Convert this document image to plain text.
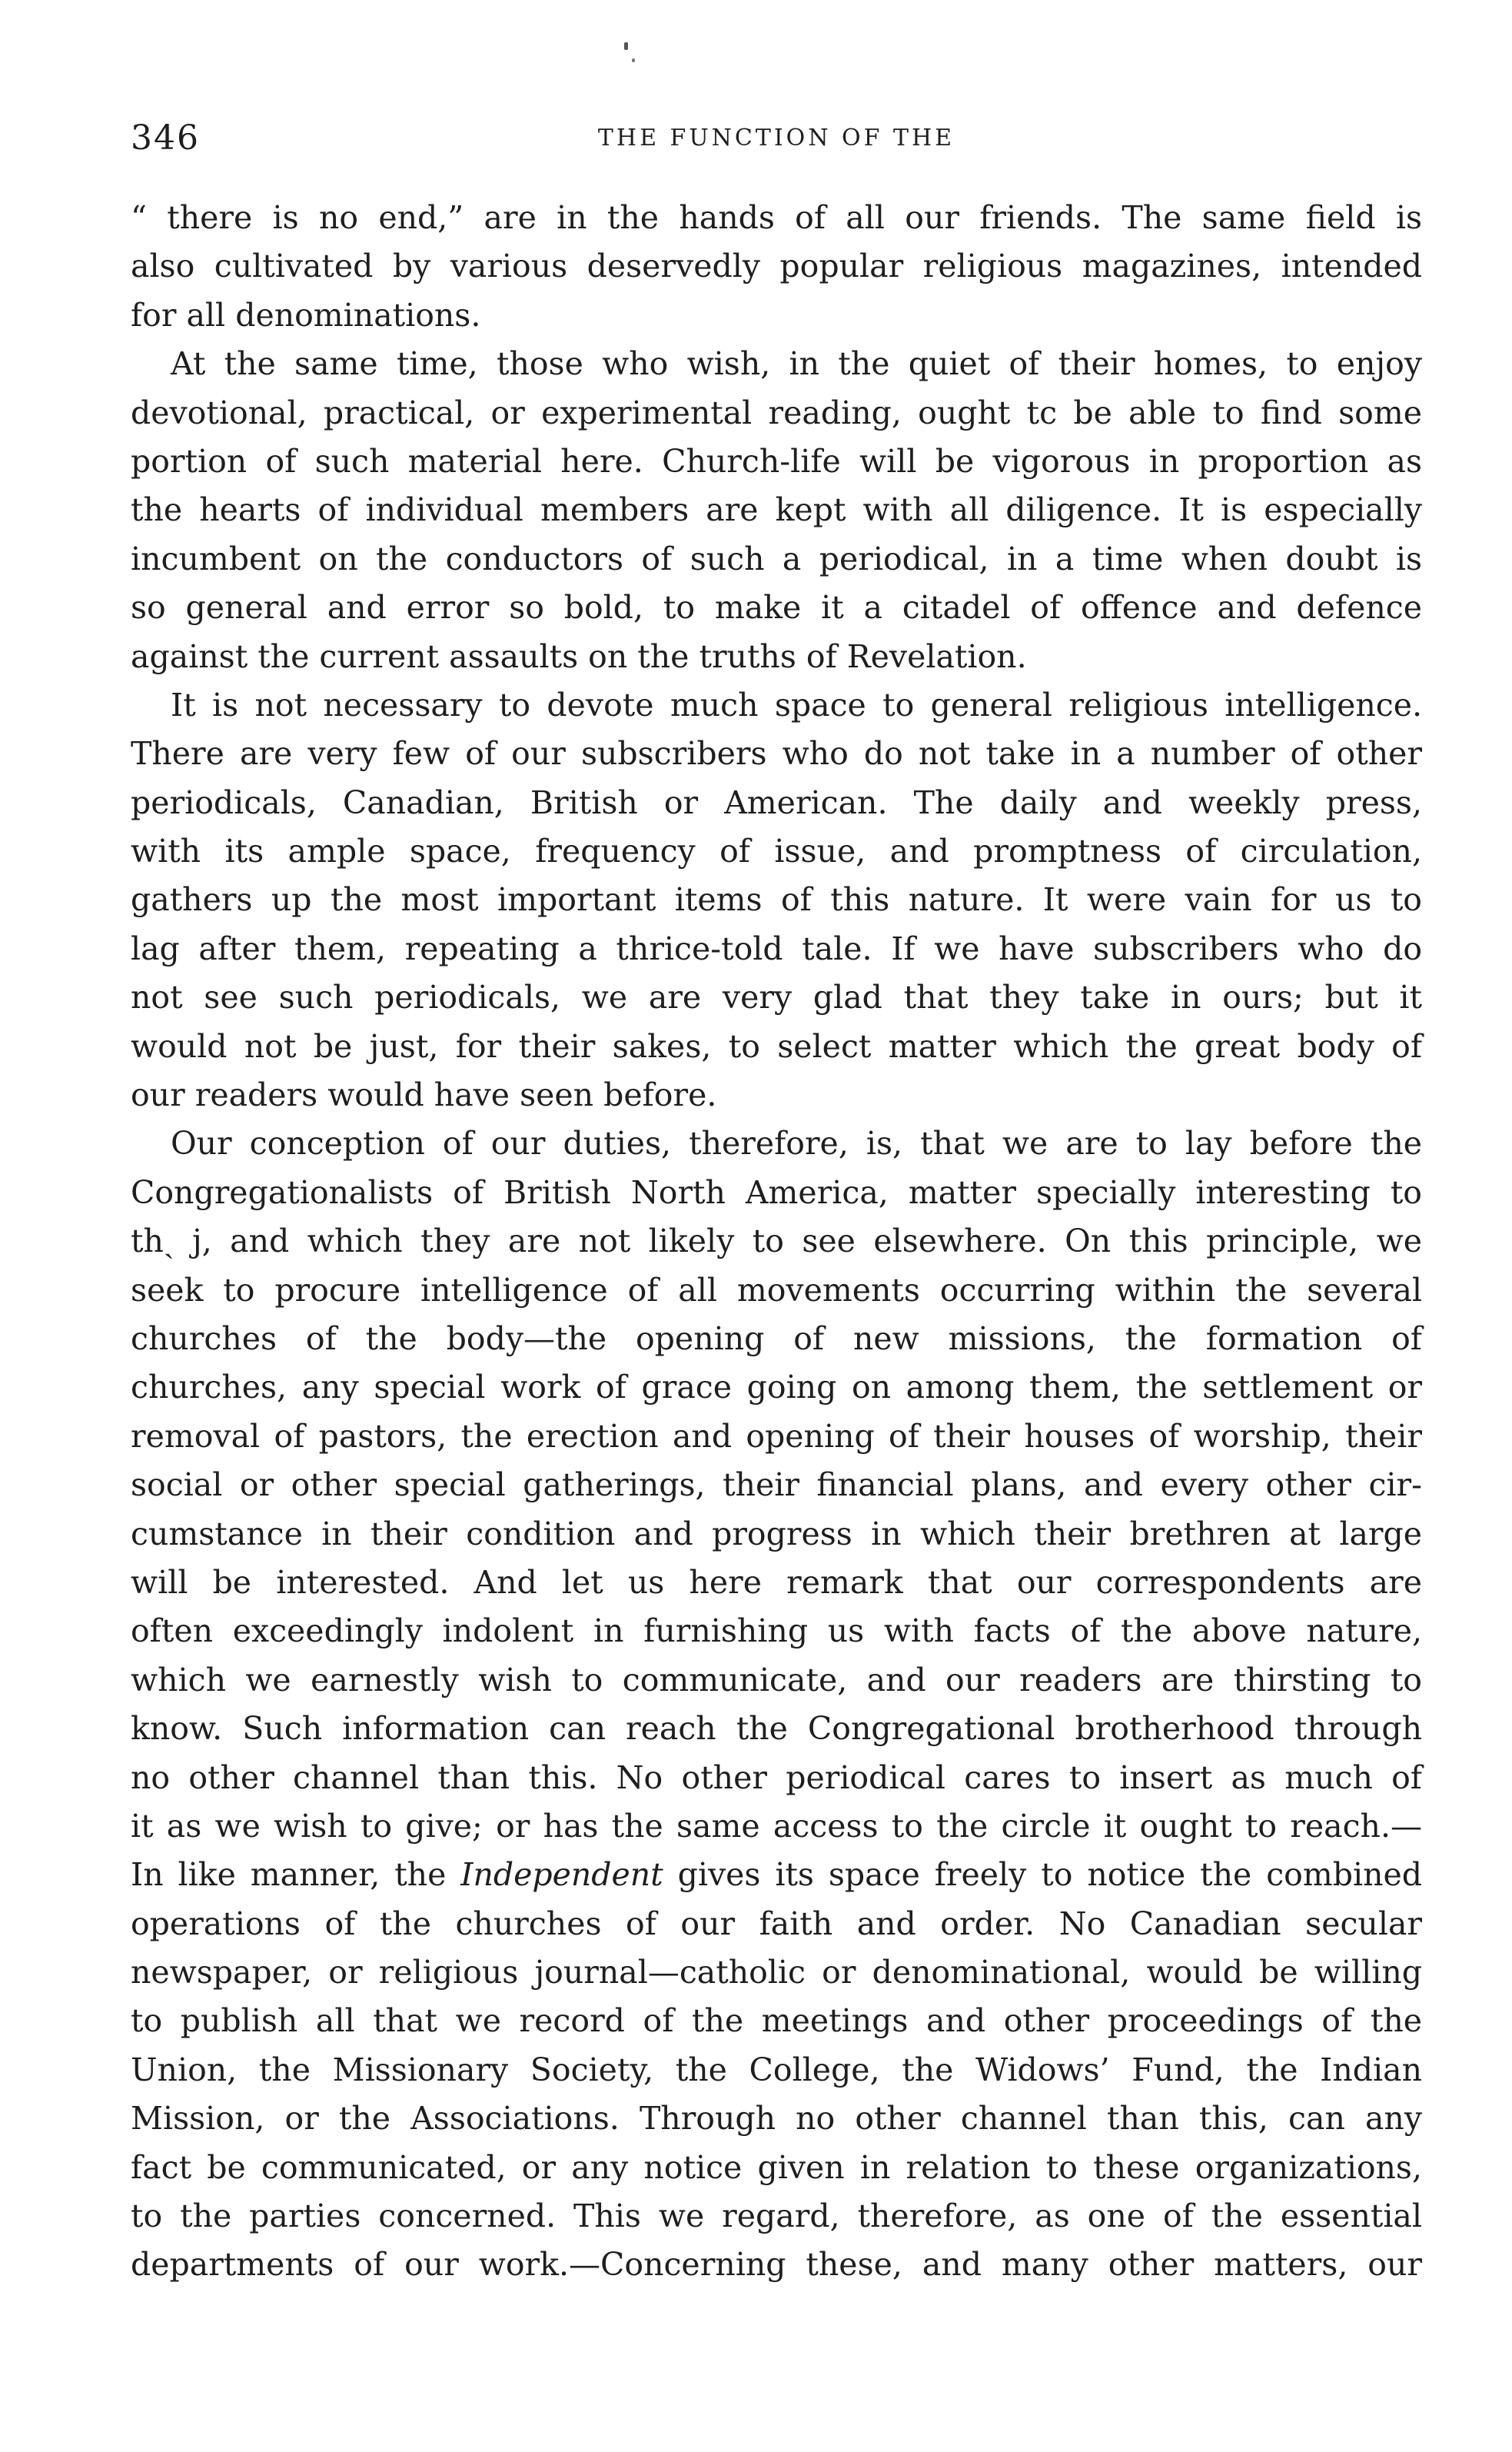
346	THE FUNCTION OF THE
“ there is no end,” are in the hands of all our friends. The same field is
also cultivated by various deservedly popular religious magazines, intended
for all denominations.
At the same time, those who wish, in the quiet of their homes, to enjoy
devotional, practical, or experimental reading, ought tc be able to find some
portion of such material here. Church-life will be vigorous in proportion as
the hearts of individual members are kept with all diligence. It is especially
incumbent on the conductors of such a periodical, in a time when doubt is
so general and error so bold, to make it a citadel of offence and defence
against the current assaults on the truths of Revelation.
It is not necessary to devote much space to general religious intelligence.
There are very few of our subscribers who do not take in a number of other
periodicals, Canadian, British or American. The daily and weekly press,
with its ample space, frequency of issue, and promptness of circulation,
gathers up the most important items of this nature. It were vain for us to
lag after them, repeating a thrice-told tale. If we have subscribers who do
not see such periodicals, we are very glad that they take in ours; but it
would not be just, for their sakes, to select matter which the great body of
our readers would have seen before.
Our conception of our duties, therefore, is, that we are to lay before the
Congregationalists of British North America, matter specially interesting to
thˎ ј, and which they are not likely to see elsewhere. On this principle, we
seek to procure intelligence of all movements occurring within the several
churches of the body—the opening of new missions, the formation of
churches, any special work of grace going on among them, the settlement or
removal of pastors, the erection and opening of their houses of worship, their
social or other special gatherings, their financial plans, and every other cir-
cumstance in their condition and progress in which their brethren at large
will be interested. And let us here remark that our correspondents are
often exceedingly indolent in furnishing us with facts of the above nature,
which we earnestly wish to communicate, and our readers are thirsting to
know. Such information can reach the Congregational brotherhood through
no other channel than this. No other periodical cares to insert as much of
it as we wish to give; or has the same access to the circle it ought to reach.—
In like manner, the Independent gives its space freely to notice the combined
operations of the churches of our faith and order. No Canadian secular
newspaper, or religious journal—catholic or denominational, would be willing
to publish all that we record of the meetings and other proceedings of the
Union, the Missionary Society, the College, the Widows’ Fund, the Indian
Mission, or the Associations. Through no other channel than this, can any
fact be communicated, or any notice given in relation to these organizations,
to the parties concerned. This we regard, therefore, as one of the essential
departments of our work.—Concerning these, and many other matters, our
